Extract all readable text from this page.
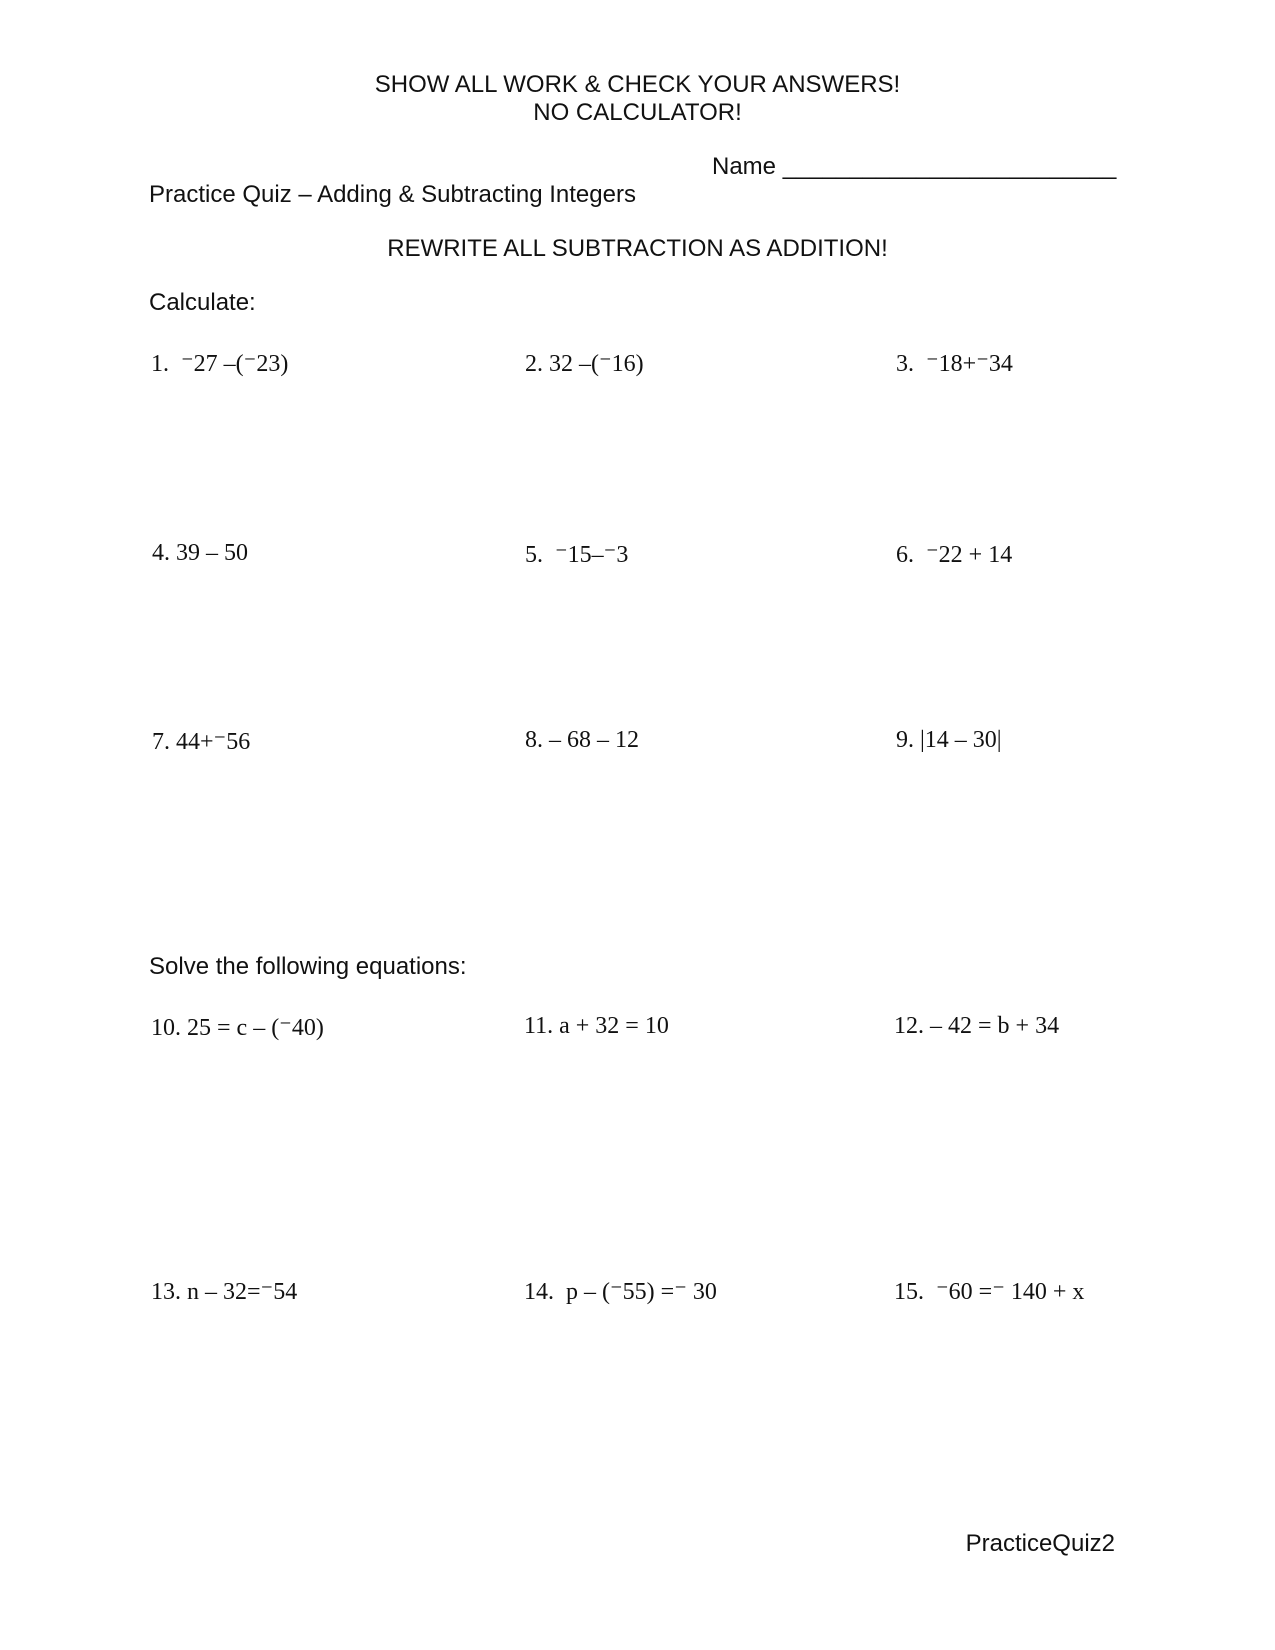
SHOW ALL WORK & CHECK YOUR ANSWERS!
NO CALCULATOR!
Name _________________________
Practice Quiz – Adding & Subtracting Integers
REWRITE ALL SUBTRACTION AS ADDITION!
Calculate:
1.  ⁻27 –(⁻23)	2. 32 –(⁻16)	3.  ⁻18+⁻34
4. 39 – 50	5.  ⁻15–⁻3	6.  ⁻22 + 14
7. 44+⁻56	8. – 68 – 12	9. |14 – 30|
Solve the following equations:
10. 25 = c – (⁻40)	11. a + 32 = 10	12. – 42 = b + 34
13. n – 32=⁻54	14.  p – (⁻55) =⁻ 30	15.  ⁻60 =⁻ 140 + x
PracticeQuiz2
